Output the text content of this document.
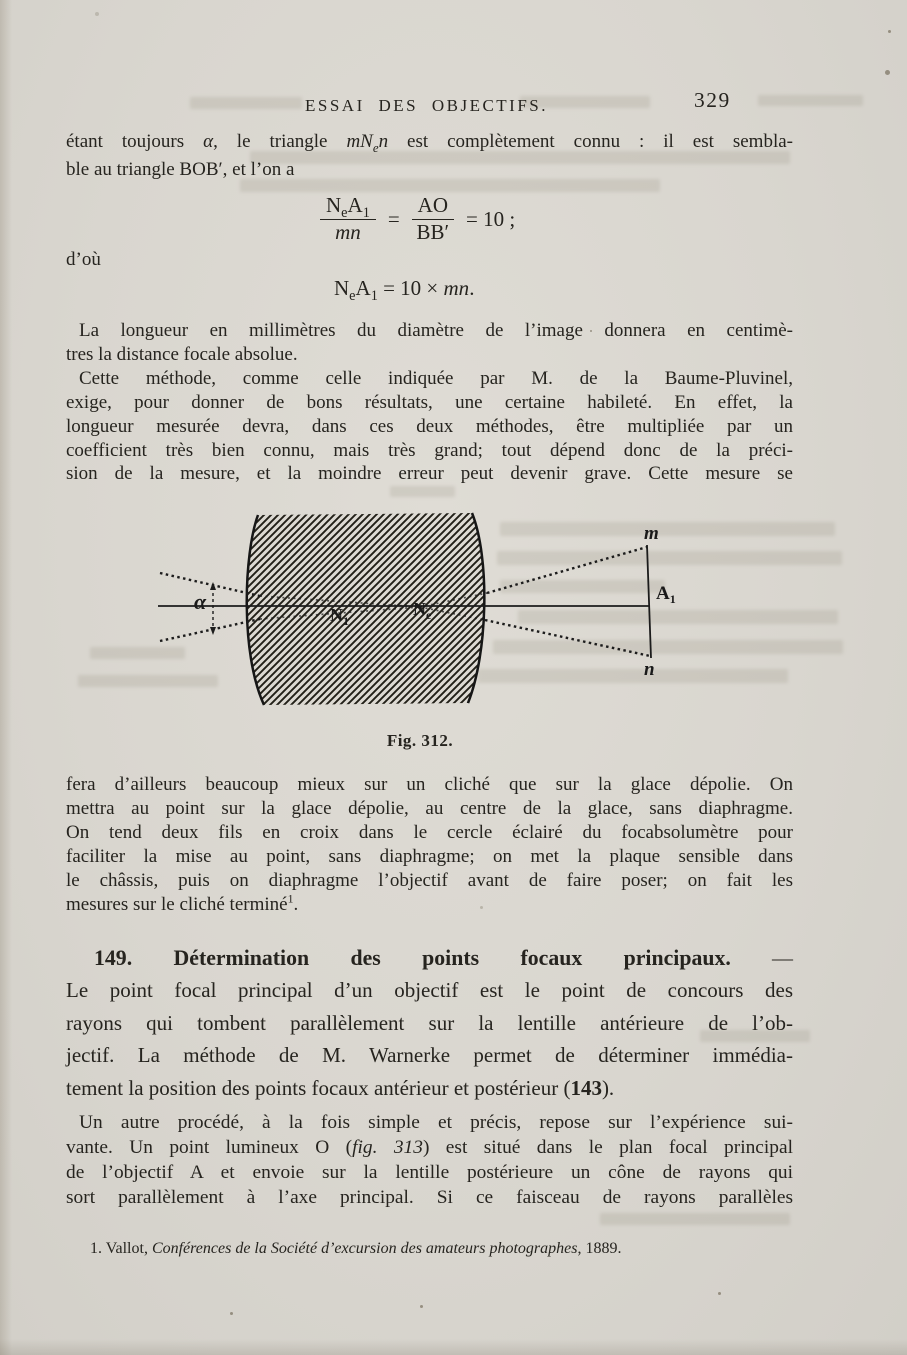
ESSAI DES OBJECTIFS.	329
étant toujours α, le triangle $mN_en$ est complètement connu : il est sembla-
ble au triangle BOB′, et l’on a
$\frac{N_eA_1}{mn} = \frac{AO}{BB'} = 10$ ;
d’où
$N_eA_1 = 10$ × mn.
La longueur en millimètres du diamètre de l’image donnera en centimè-
tres la distance focale absolue.
Cette méthode, comme celle indiquée par M. de la Baume-Pluvinel,
exige, pour donner de bons résultats, une certaine habileté. En effet, la
longueur mesurée devra, dans ces deux méthodes, être multipliée par un
coefficient très bien connu, mais très grand; tout dépend donc de la préci-
sion de la mesure, et la moindre erreur peut devenir grave. Cette mesure se
α
$N_1$
$N_e$
m
$A_1$
n
Fig. 312.
fera d’ailleurs beaucoup mieux sur un cliché que sur la glace dépolie. On
mettra au point sur la glace dépolie, au centre de la glace, sans diaphragme.
On tend deux fils en croix dans le cercle éclairé du focabsolumètre pour
faciliter la mise au point, sans diaphragme; on met la plaque sensible dans
le châssis, puis on diaphragme l’objectif avant de faire poser; on fait les
mesures sur le cliché terminé$^1$.
149. Détermination des points focaux principaux. —
Le point focal principal d’un objectif est le point de concours des
rayons qui tombent parallèlement sur la lentille antérieure de l’ob-
jectif. La méthode de M. Warnerke permet de déterminer immédia-
tement la position des points focaux antérieur et postérieur (143).
Un autre procédé, à la fois simple et précis, repose sur l’expérience sui-
vante. Un point lumineux O (fig. 313) est situé dans le plan focal principal
de l’objectif A et envoie sur la lentille postérieure un cône de rayons qui
sort parallèlement à l’axe principal. Si ce faisceau de rayons parallèles
1. Vallot, Conférences de la Société d’excursion des amateurs photographes, 1889.
